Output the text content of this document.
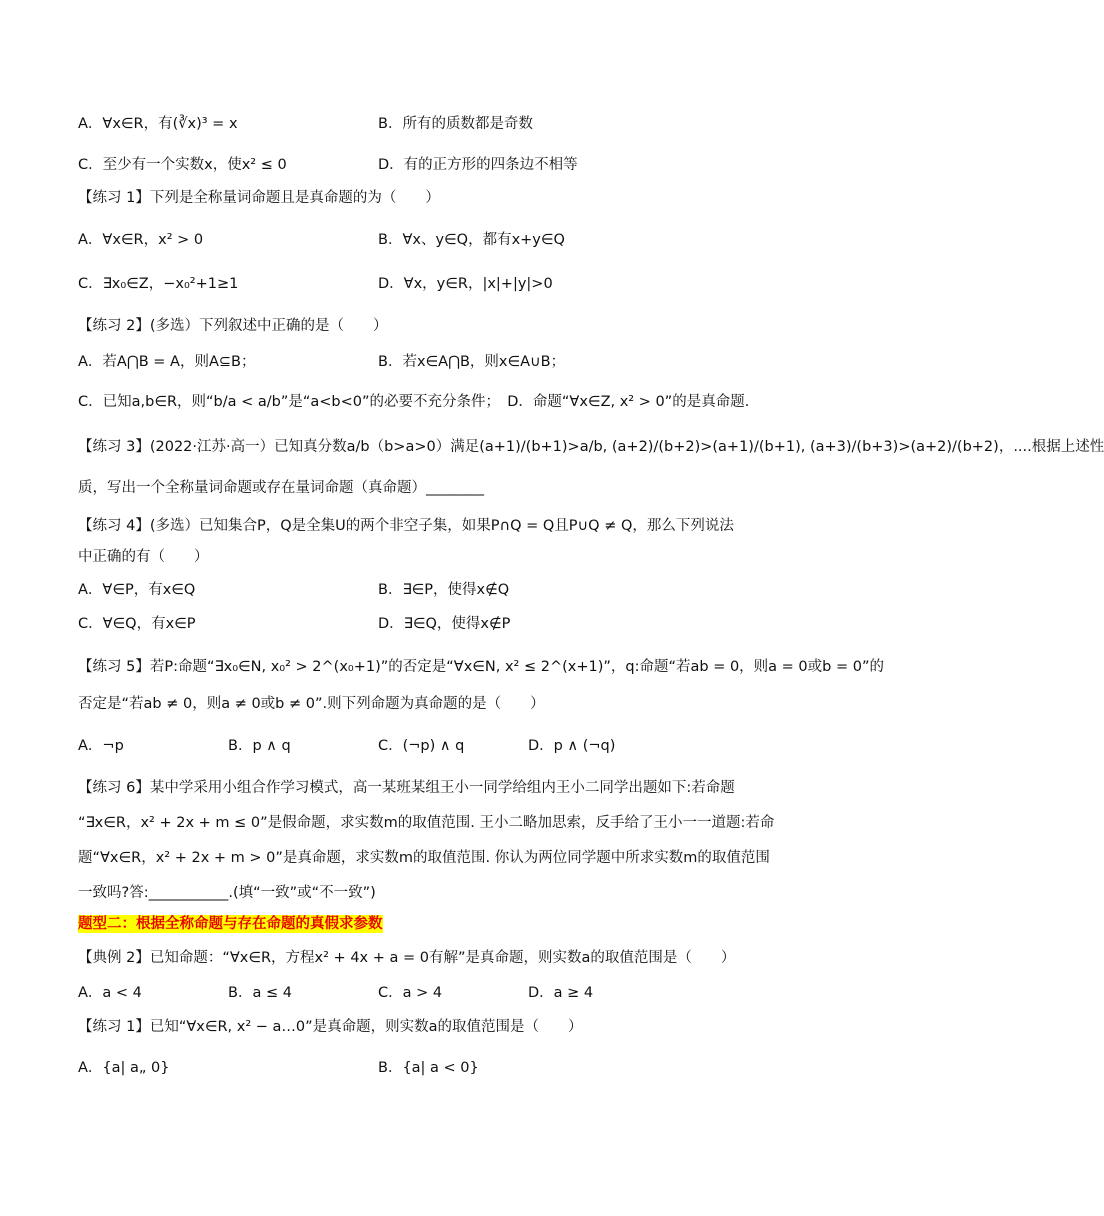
A．∀x∈R，有(∛x)³ = x	B．所有的质数都是奇数
C．至少有一个实数x，使x² ≤ 0	D．有的正方形的四条边不相等
【练习 1】下列是全称量词命题且是真命题的为（　　）
A．∀x∈R，x² > 0	B．∀x、y∈Q，都有x+y∈Q
C．∃x₀∈Z，−x₀²+1≥1	D．∀x，y∈R，|x|+|y|>0
【练习 2】(多选）下列叙述中正确的是（　　）
A．若A⋂B = A，则A⊆B；	B．若x∈A⋂B，则x∈A∪B；
C．已知a,b∈R，则“b/a < a/b”是“a<b<0”的必要不充分条件；　D．命题“∀x∈Z, x² > 0”的是真命题.
【练习 3】(2022·江苏·高一）已知真分数a/b（b>a>0）满足(a+1)/(b+1)>a/b, (a+2)/(b+2)>(a+1)/(b+1), (a+3)/(b+3)>(a+2)/(b+2)，....根据上述性
质，写出一个全称量词命题或存在量词命题（真命题）________
【练习 4】(多选）已知集合P，Q是全集U的两个非空子集，如果P∩Q = Q且P∪Q ≠ Q，那么下列说法
中正确的有（　　）
A．∀∈P，有x∈Q	B．∃∈P，使得x∉Q
C．∀∈Q，有x∈P	D．∃∈Q，使得x∉P
【练习 5】若P:命题“∃x₀∈N, x₀² > 2^(x₀+1)”的否定是“∀x∈N, x² ≤ 2^(x+1)”，q:命题“若ab = 0，则a = 0或b = 0”的
否定是“若ab ≠ 0，则a ≠ 0或b ≠ 0”.则下列命题为真命题的是（　　）
A．¬p	B．p ∧ q	C．(¬p) ∧ q	D．p ∧ (¬q)
【练习 6】某中学采用小组合作学习模式，高一某班某组王小一同学给组内王小二同学出题如下:若命题
“∃x∈R，x² + 2x + m ≤ 0”是假命题，求实数m的取值范围. 王小二略加思索，反手给了王小一一道题:若命
题“∀x∈R，x² + 2x + m > 0”是真命题，求实数m的取值范围. 你认为两位同学题中所求实数m的取值范围
一致吗?答:___________.(填“一致”或“不一致”)
题型二：根据全称命题与存在命题的真假求参数
【典例 2】已知命题：“∀x∈R，方程x² + 4x + a = 0有解”是真命题，则实数a的取值范围是（　　）
A．a < 4	B．a ≤ 4	C．a > 4	D．a ≥ 4
【练习 1】已知“∀x∈R, x² − a…0”是真命题，则实数a的取值范围是（　　）
A．{a| a„ 0}	B．{a| a < 0}
